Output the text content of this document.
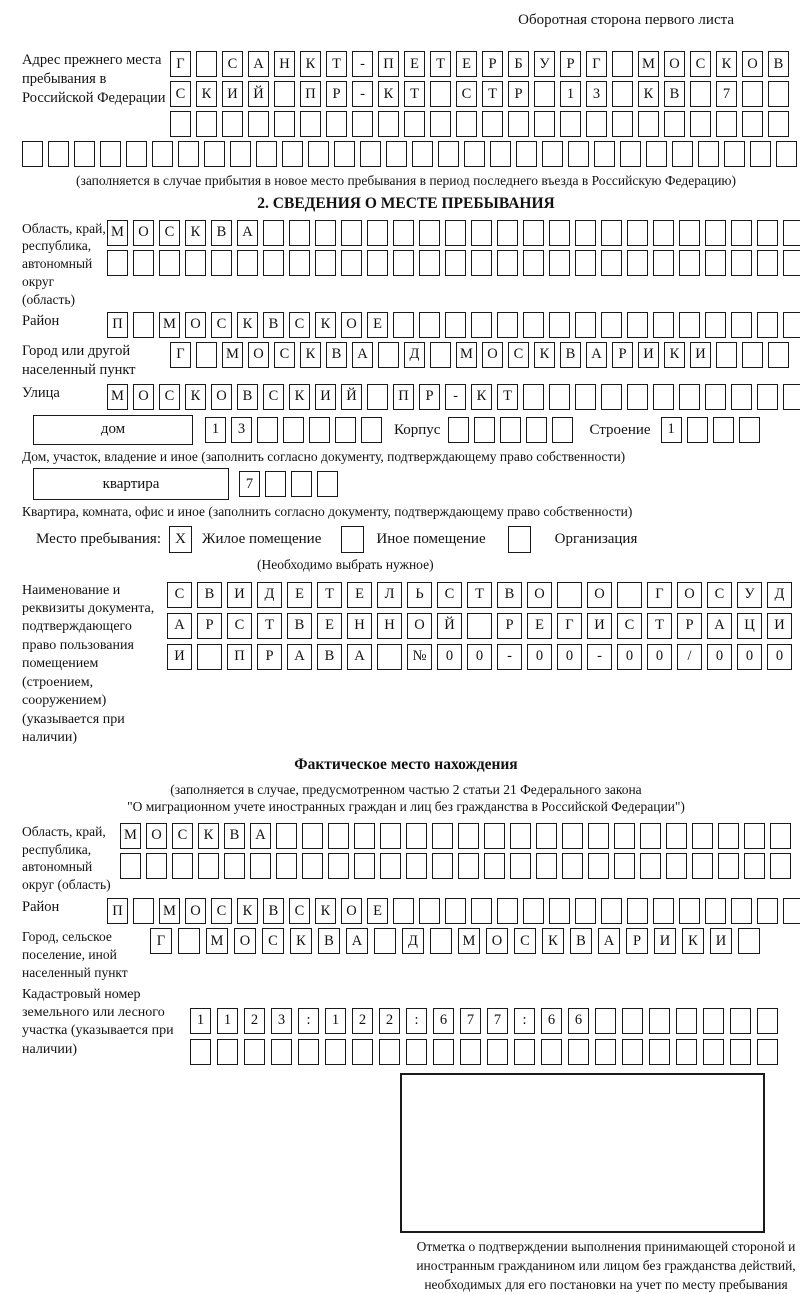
Оборотная сторона первого листа
Адрес прежнего места пребывания в Российской Федерации
Г	С	А	Н	К	Т	-	П	Е	Т	Е	Р	Б	У	Р	Г	М О	С	К	О	В
С	К	И	Й	П	Р	-	К	Т	С	Т	Р	1	3	К	В	7
(заполняется в случае прибытия в новое место пребывания в период последнего въезда в Российскую Федерацию)
2. СВЕДЕНИЯ О МЕСТЕ ПРЕБЫВАНИЯ
Область, край, республика, автономный округ (область)
М О	С	К	В	А
Район	П	М О	С	К	В	С	К	О	Е
Город или другой населенный пункт
Г	М О	С	К	В	А	Д	М О	С	К	В	А	Р	И	К	И
Улица	М О	С	К	О	В	С	К	И	Й	П	Р	-	К	Т
дом	1	3	Корпус	Строение	1
Дом, участок, владение и иное (заполнить согласно документу, подтверждающему право собственности)
квартира	7
Квартира, комната, офис и иное (заполнить согласно документу, подтверждающему право собственности)
Место пребывания: X	Жилое помещение	Иное помещение	Организация
(Необходимо выбрать нужное)
Наименование и реквизиты документа, подтверждающего право пользования помещением (строением, сооружением) (указывается при наличии)
С	В	И	Д	Е	Т	Е	Л	Ь	С	Т	В	О	О	Г	О	С	У	Д
А	Р	С	Т	В	Е	Н	Н	О	Й	Р	Е	Г	И	С	Т	Р	А	Ц	И
И	П	Р	А	В	А	№	0	0	-	0	0	-	0	0	/	0	0	0
Фактическое место нахождения
(заполняется в случае, предусмотренном частью 2 статьи 21 Федерального закона
"О миграционном учете иностранных граждан и лиц без гражданства в Российской Федерации")
Область, край, республика, автономный округ (область)
М О	С	К	В	А
Район	П	М О	С	К	В	С	К	О	Е
Город, сельское поселение, иной населенный пункт
Г	М	О	С	К	В	А	Д	М	О	С	К	В	А	Р	И	К	И
Кадастровый номер земельного или лесного участка (указывается при наличии)
1	1	2	3	:	1	2	2	:	6	7	7	:	6	6
Отметка о подтверждении выполнения принимающей стороной и иностранным гражданином или лицом без гражданства действий, необходимых для его постановки на учет по месту пребывания
